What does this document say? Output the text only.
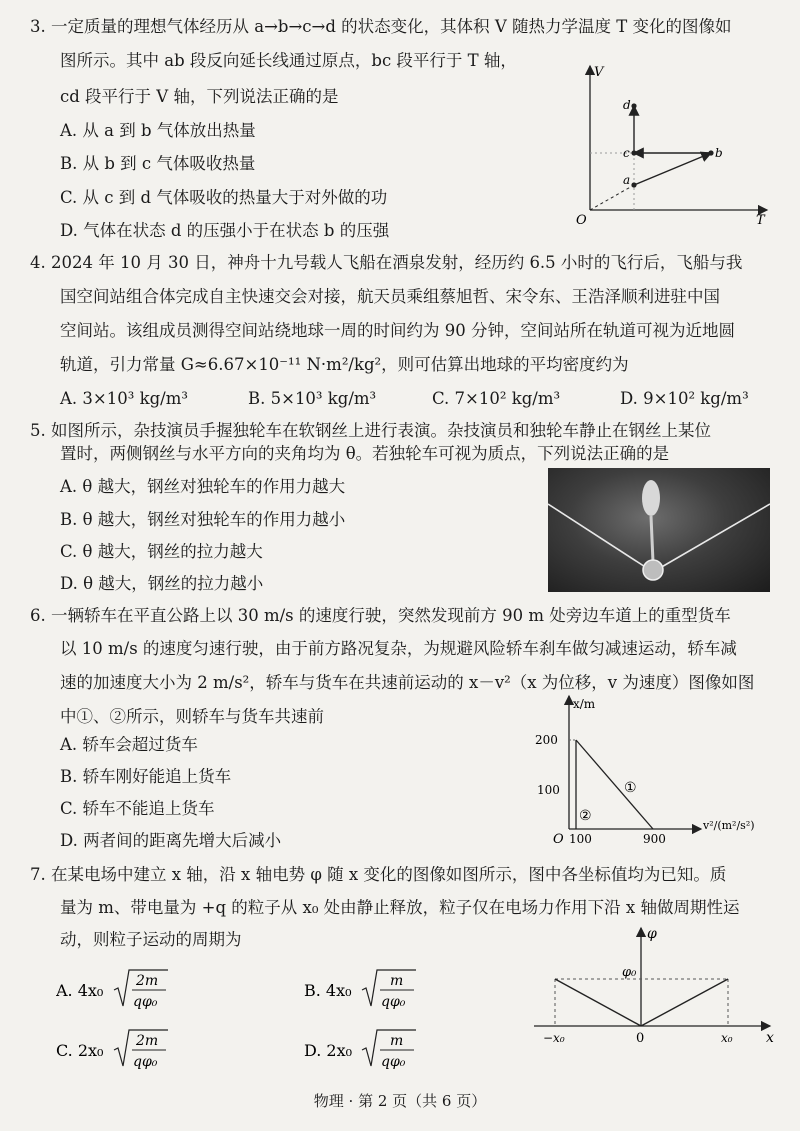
3. 一定质量的理想气体经历从 a→b→c→d 的状态变化，其体积 V 随热力学温度 T 变化的图像如
图所示。其中 ab 段反向延长线通过原点，bc 段平行于 T 轴，
cd 段平行于 V 轴，下列说法正确的是
A. 从 a 到 b 气体放出热量
B. 从 b 到 c 气体吸收热量
C. 从 c 到 d 气体吸收的热量大于对外做的功
D. 气体在状态 d 的压强小于在状态 b 的压强
V
T
O
a
b
c
d
4. 2024 年 10 月 30 日，神舟十九号载人飞船在酒泉发射，经历约 6.5 小时的飞行后，飞船与我
国空间站组合体完成自主快速交会对接，航天员乘组蔡旭哲、宋令东、王浩泽顺利进驻中国
空间站。该组成员测得空间站绕地球一周的时间约为 90 分钟，空间站所在轨道可视为近地圆
轨道，引力常量 G≈6.67×10⁻¹¹ N·m²/kg²，则可估算出地球的平均密度约为
A. 3×10³ kg/m³	B. 5×10³ kg/m³	C. 7×10² kg/m³	D. 9×10² kg/m³
5. 如图所示，杂技演员手握独轮车在软钢丝上进行表演。杂技演员和独轮车静止在钢丝上某位
置时，两侧钢丝与水平方向的夹角均为 θ。若独轮车可视为质点，下列说法正确的是
A. θ 越大，钢丝对独轮车的作用力越大
B. θ 越大，钢丝对独轮车的作用力越小
C. θ 越大，钢丝的拉力越大
D. θ 越大，钢丝的拉力越小
6. 一辆轿车在平直公路上以 30 m/s 的速度行驶，突然发现前方 90 m 处旁边车道上的重型货车
以 10 m/s 的速度匀速行驶，由于前方路况复杂，为规避风险轿车刹车做匀减速运动，轿车减
速的加速度大小为 2 m/s²，轿车与货车在共速前运动的 x－v²（x 为位移，v 为速度）图像如图
中①、②所示，则轿车与货车共速前
A. 轿车会超过货车
B. 轿车刚好能追上货车
C. 轿车不能追上货车
D. 两者间的距离先增大后减小
x/m
v²/(m²/s²)
O
200
100
100	900
①
②
7. 在某电场中建立 x 轴，沿 x 轴电势 φ 随 x 变化的图像如图所示，图中各坐标值均为已知。质
量为 m、带电量为 +q 的粒子从 x₀ 处由静止释放，粒子仅在电场力作用下沿 x 轴做周期性运
动，则粒子运动的周期为
A. 4x₀ 2m
qφ₀
B. 4x₀	m
qφ₀
C. 2x₀ 2m
qφ₀
D. 2x₀	m
qφ₀
φ
x
φ₀
−x₀	0	x₀
物理 · 第 2 页（共 6 页）
